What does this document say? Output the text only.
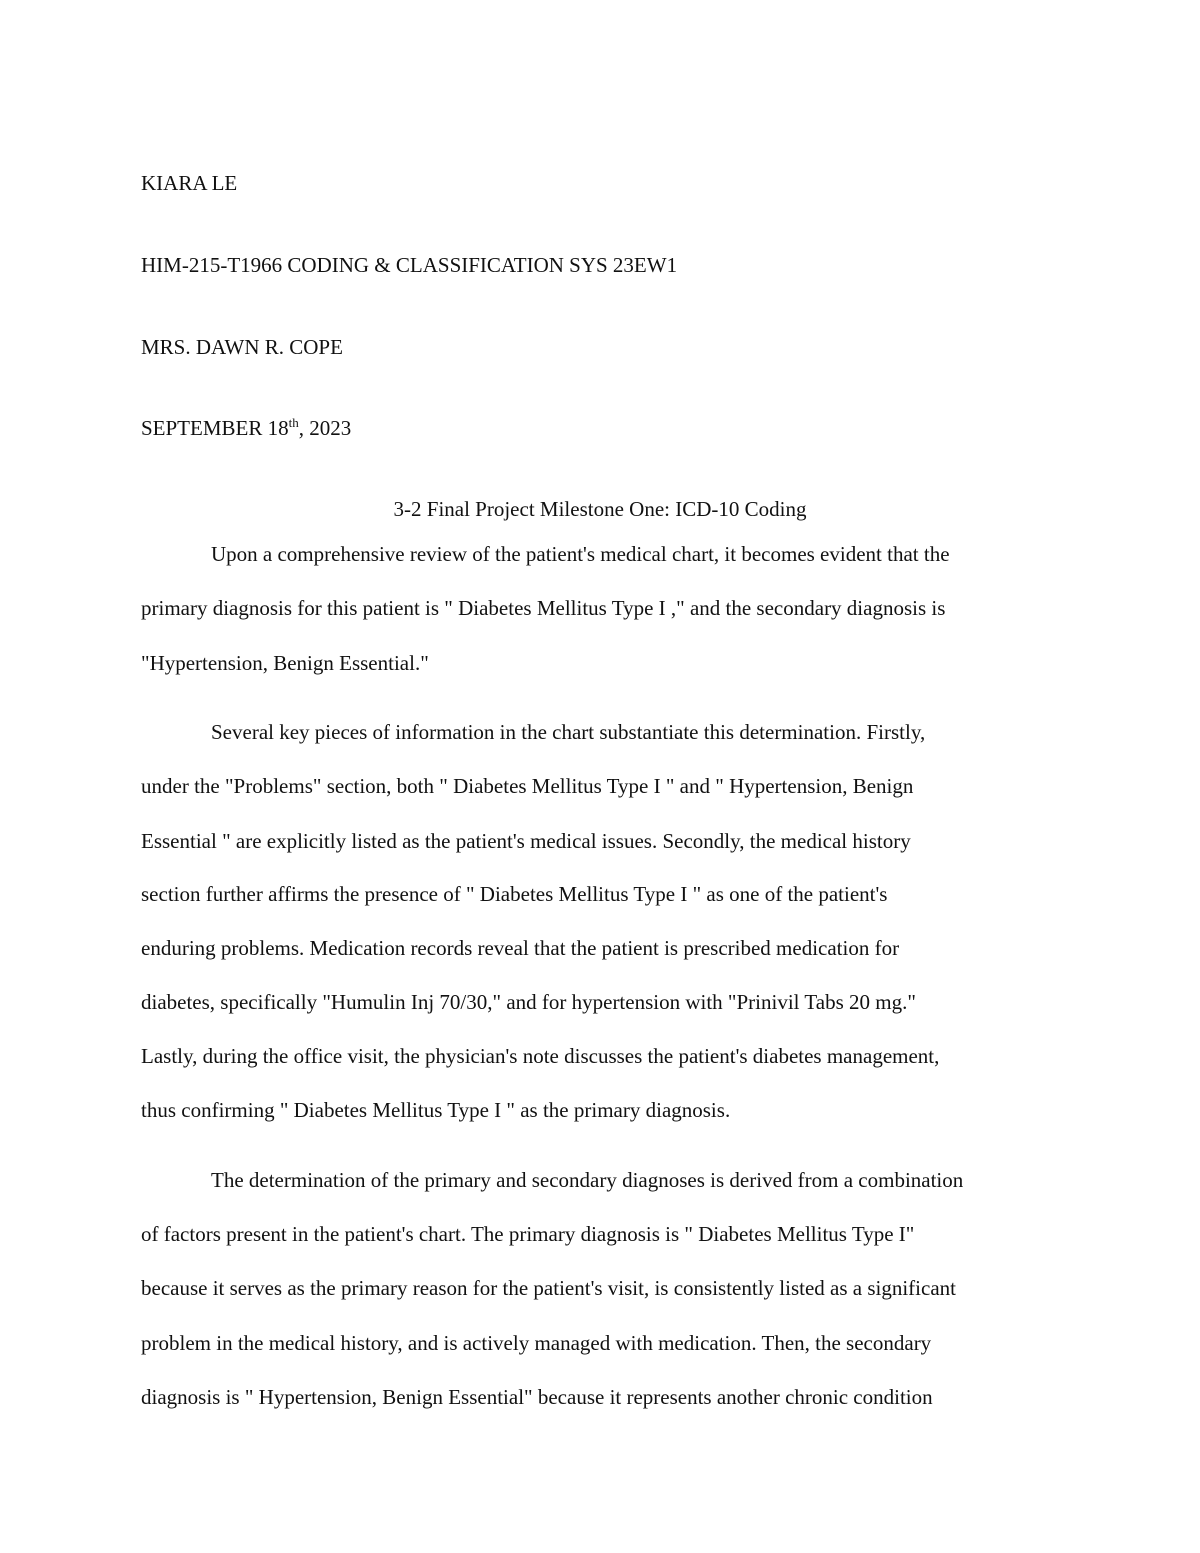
KIARA LE
HIM-215-T1966 CODING & CLASSIFICATION SYS 23EW1
MRS. DAWN R. COPE
SEPTEMBER 18th, 2023
3-2 Final Project Milestone One: ICD-10 Coding
Upon a comprehensive review of the patient's medical chart, it becomes evident that the
primary diagnosis for this patient is " Diabetes Mellitus Type I ," and the secondary diagnosis is
"Hypertension, Benign Essential."
Several key pieces of information in the chart substantiate this determination. Firstly,
under the "Problems" section, both " Diabetes Mellitus Type I " and " Hypertension, Benign
Essential " are explicitly listed as the patient's medical issues. Secondly, the medical history
section further affirms the presence of " Diabetes Mellitus Type I " as one of the patient's
enduring problems. Medication records reveal that the patient is prescribed medication for
diabetes, specifically "Humulin Inj 70/30," and for hypertension with "Prinivil Tabs 20 mg."
Lastly, during the office visit, the physician's note discusses the patient's diabetes management,
thus confirming " Diabetes Mellitus Type I " as the primary diagnosis.
The determination of the primary and secondary diagnoses is derived from a combination
of factors present in the patient's chart. The primary diagnosis is " Diabetes Mellitus Type I"
because it serves as the primary reason for the patient's visit, is consistently listed as a significant
problem in the medical history, and is actively managed with medication. Then, the secondary
diagnosis is " Hypertension, Benign Essential" because it represents another chronic condition
